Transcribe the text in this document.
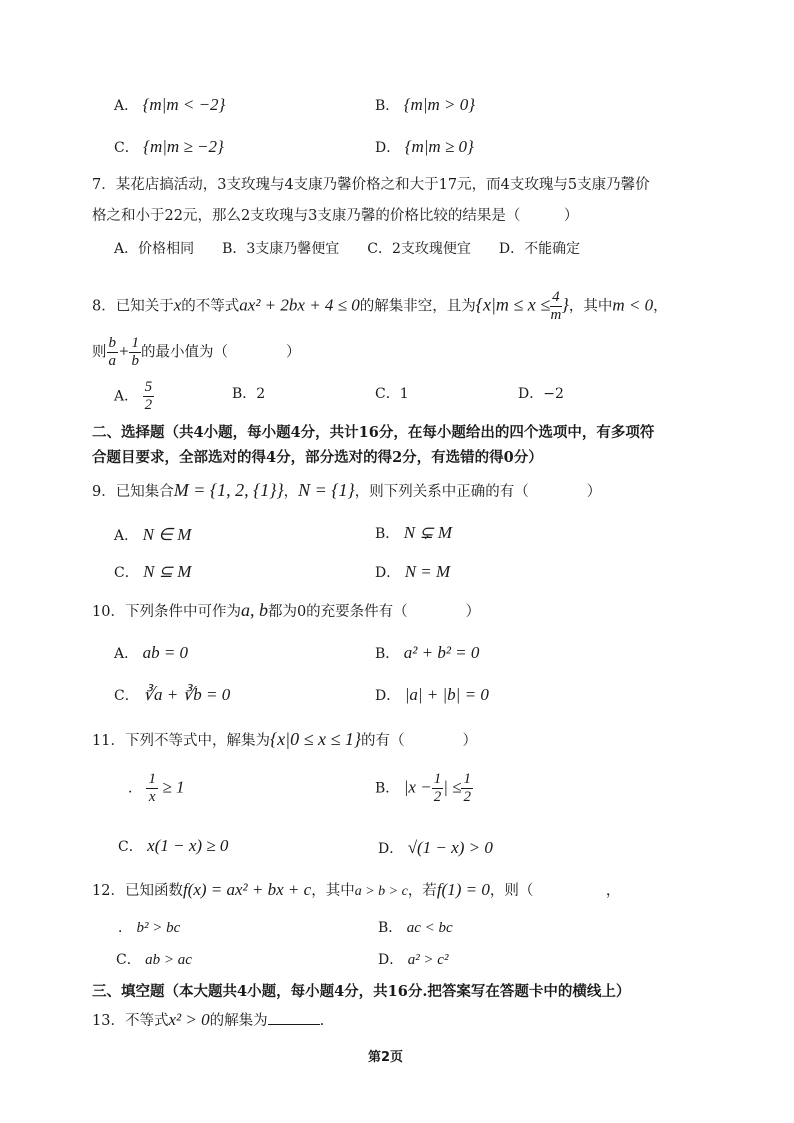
A． {m|m < −2}	B． {m|m > 0}
C． {m|m ≥ −2}	D． {m|m ≥ 0}
7．某花店搞活动，3支玫瑰与4支康乃馨价格之和大于17元，而4支玫瑰与5支康乃馨价
格之和小于22元，那么2支玫瑰与3支康乃馨的价格比较的结果是（　　　）
A．价格相同　　B．3支康乃馨便宜　　C．2支玫瑰便宜　　D．不能确定
8．已知关于x的不等式ax² + 2bx + 4 ≤ 0的解集非空，且为{$x|m \le x \le \frac{4}{m}$ }，其中m < 0，
则 $\frac{b}{a} + \frac{1}{b}$ 的最小值为（　　　　）
A． $\frac{5}{2}$	B．2	C．1	D．−2
二、选择题（共4小题，每小题4分，共计16分，在每小题给出的四个选项中，有多项符
合题目要求，全部选对的得4分，部分选对的得2分，有选错的得0分）
9．已知集合M = {1, 2, {1}}，N = {1}，则下列关系中正确的有（　　　　）
A． N ∈ M	B． N ⊊ M
C． N ⊆ M	D． N = M
10．下列条件中可作为a, b都为0的充要条件有（　　　　）
A． ab = 0	B． a² + b² = 0
C． ∛a + ∛b = 0	D． |a| + |b| = 0
11．下列不等式中，解集为{x|0 ≤ x ≤ 1}的有（　　　　）
． $\frac{1}{x} \ge 1$	B． $|x - \frac{1}{2}$ | ≤ $\frac{1}{2}$
C． x(1 − x) ≥ 0	D． √(1 − x) > 0
12．已知函数f(x) = ax² + bx + c，其中a > b > c，若f(1) = 0，则（　　　　　，
． b² > bc	B． ac < bc
C． ab > ac	D． a² > c²
三、填空题（本大题共4小题，每小题4分，共16分.把答案写在答题卡中的横线上）
13．不等式x² > 0的解集为	.
第2页
